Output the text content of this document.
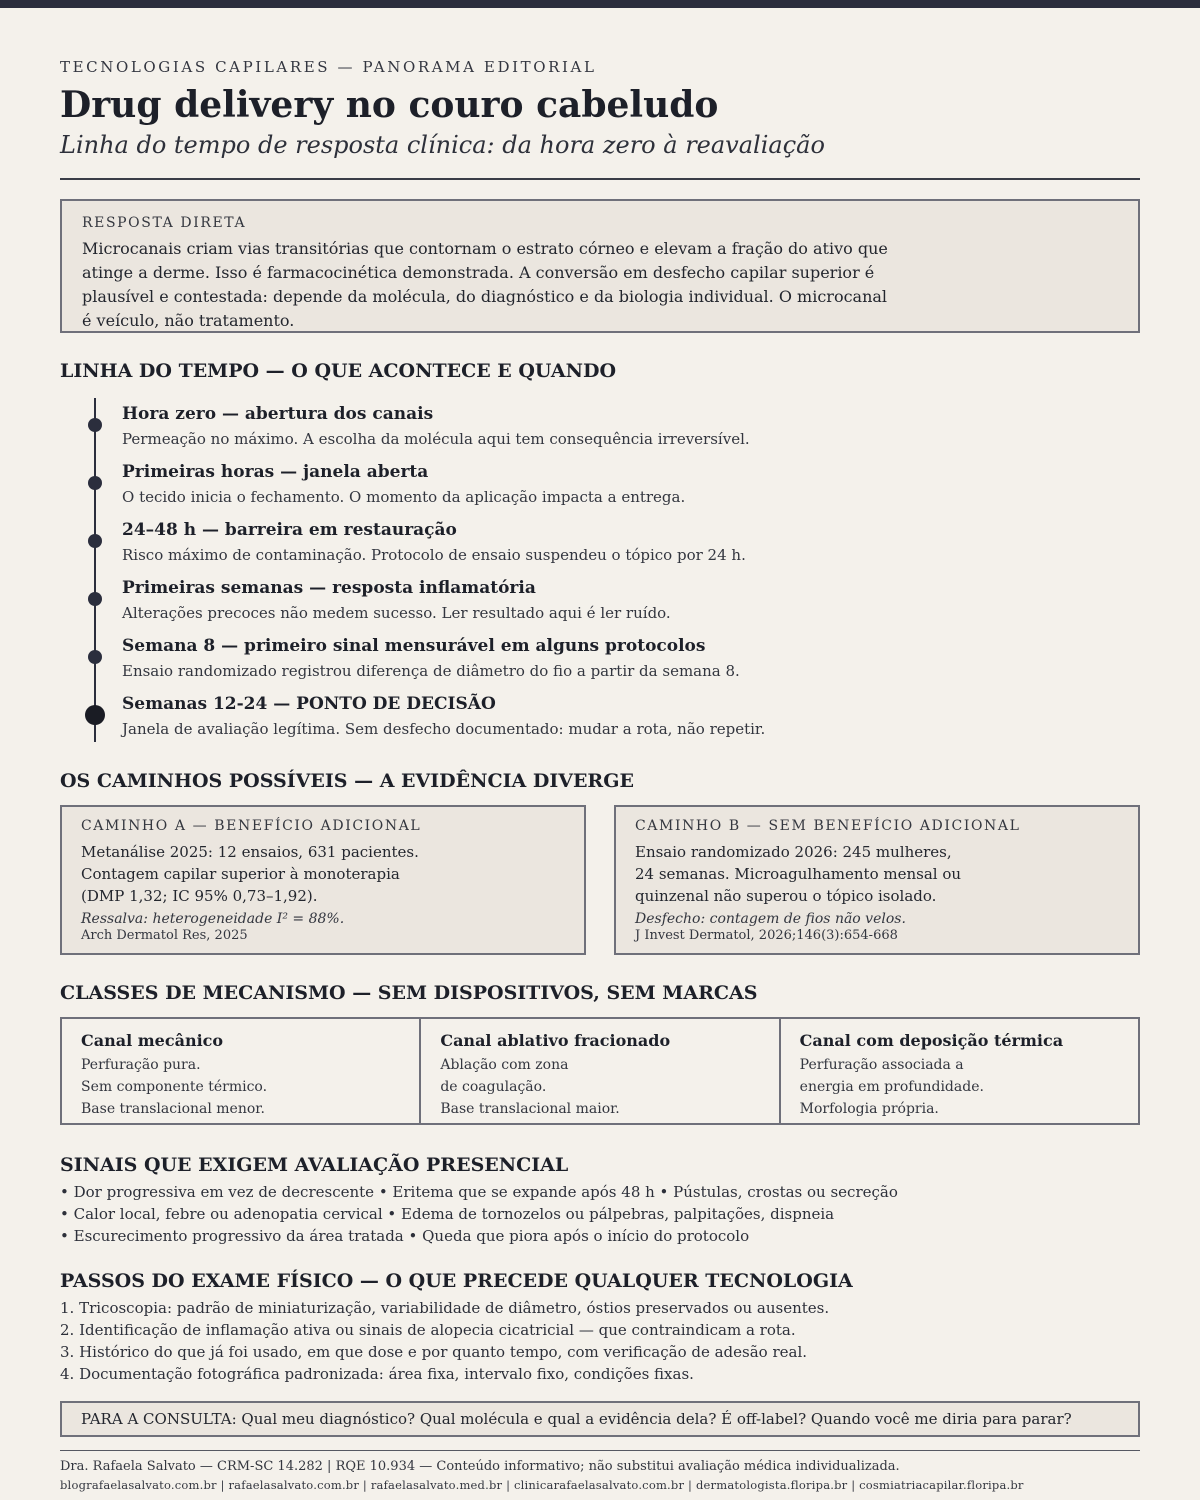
TECNOLOGIAS CAPILARES — PANORAMA EDITORIAL
Drug delivery no couro cabeludo
Linha do tempo de resposta clínica: da hora zero à reavaliação
RESPOSTA DIRETA
Microcanais criam vias transitórias que contornam o estrato córneo e elevam a fração do ativo que
atinge a derme. Isso é farmacocinética demonstrada. A conversão em desfecho capilar superior é
plausível e contestada: depende da molécula, do diagnóstico e da biologia individual. O microcanal
é veículo, não tratamento.
LINHA DO TEMPO — O QUE ACONTECE E QUANDO
Hora zero — abertura dos canais
Permeação no máximo. A escolha da molécula aqui tem consequência irreversível.
Primeiras horas — janela aberta
O tecido inicia o fechamento. O momento da aplicação impacta a entrega.
24–48 h — barreira em restauração
Risco máximo de contaminação. Protocolo de ensaio suspendeu o tópico por 24 h.
Primeiras semanas — resposta inflamatória
Alterações precoces não medem sucesso. Ler resultado aqui é ler ruído.
Semana 8 — primeiro sinal mensurável em alguns protocolos
Ensaio randomizado registrou diferença de diâmetro do fio a partir da semana 8.
Semanas 12-24 — PONTO DE DECISÃO
Janela de avaliação legítima. Sem desfecho documentado: mudar a rota, não repetir.
OS CAMINHOS POSSÍVEIS — A EVIDÊNCIA DIVERGE
CAMINHO A — BENEFÍCIO ADICIONAL
Metanálise 2025: 12 ensaios, 631 pacientes.
Contagem capilar superior à monoterapia
(DMP 1,32; IC 95% 0,73–1,92).
Ressalva: heterogeneidade I² = 88%.
Arch Dermatol Res, 2025
CAMINHO B — SEM BENEFÍCIO ADICIONAL
Ensaio randomizado 2026: 245 mulheres,
24 semanas. Microagulhamento mensal ou
quinzenal não superou o tópico isolado.
Desfecho: contagem de fios não velos.
J Invest Dermatol, 2026;146(3):654-668
CLASSES DE MECANISMO — SEM DISPOSITIVOS, SEM MARCAS
Canal mecânico
Perfuração pura.
Sem componente térmico.
Base translacional menor.
Canal ablativo fracionado
Ablação com zona
de coagulação.
Base translacional maior.
Canal com deposição térmica
Perfuração associada a
energia em profundidade.
Morfologia própria.
SINAIS QUE EXIGEM AVALIAÇÃO PRESENCIAL
• Dor progressiva em vez de decrescente • Eritema que se expande após 48 h • Pústulas, crostas ou secreção
• Calor local, febre ou adenopatia cervical • Edema de tornozelos ou pálpebras, palpitações, dispneia
• Escurecimento progressivo da área tratada • Queda que piora após o início do protocolo
PASSOS DO EXAME FÍSICO — O QUE PRECEDE QUALQUER TECNOLOGIA
1. Tricoscopia: padrão de miniaturização, variabilidade de diâmetro, óstios preservados ou ausentes.
2. Identificação de inflamação ativa ou sinais de alopecia cicatricial — que contraindicam a rota.
3. Histórico do que já foi usado, em que dose e por quanto tempo, com verificação de adesão real.
4. Documentação fotográfica padronizada: área fixa, intervalo fixo, condições fixas.
PARA A CONSULTA: Qual meu diagnóstico? Qual molécula e qual a evidência dela? É off-label? Quando você me diria para parar?
Dra. Rafaela Salvato — CRM-SC 14.282 | RQE 10.934 — Conteúdo informativo; não substitui avaliação médica individualizada.
blografaelasalvato.com.br | rafaelasalvato.com.br | rafaelasalvato.med.br | clinicarafaelasalvato.com.br | dermatologista.floripa.br | cosmiatriacapilar.floripa.br
